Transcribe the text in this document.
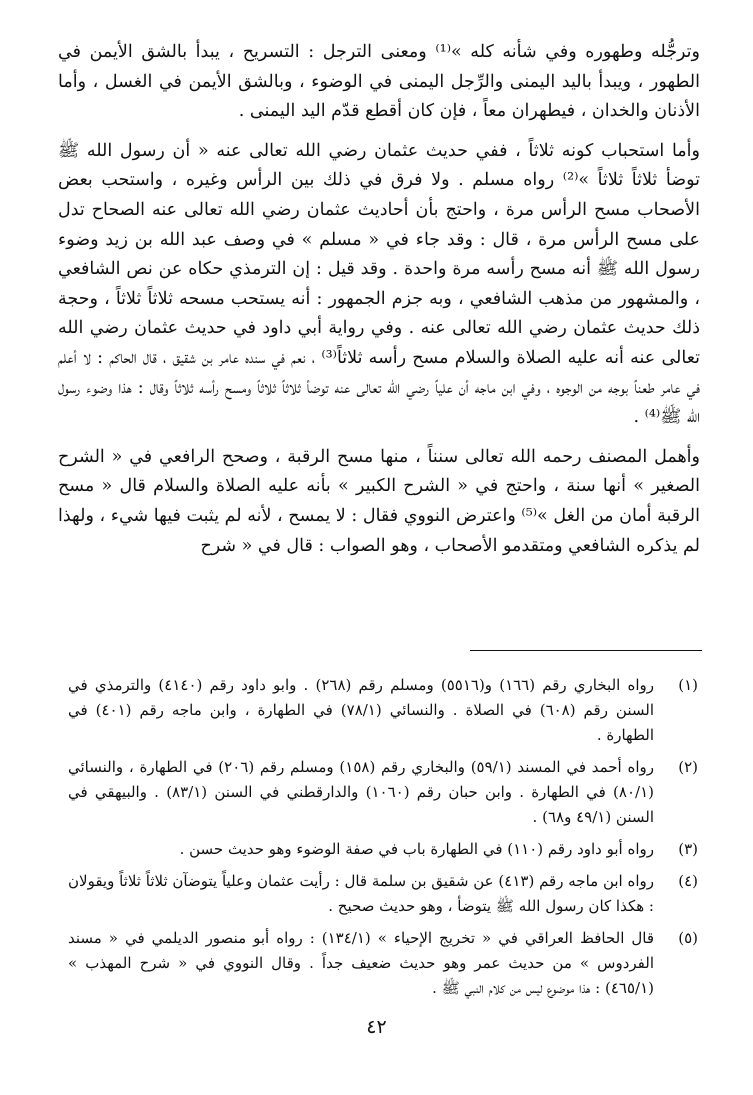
وترجُّله وطهوره وفي شأنه كله »⁽¹⁾ ومعنى الترجل : التسريح ، يبدأ بالشق الأيمن في الطهور ، ويبدأ باليد اليمنى والرِّجل اليمنى في الوضوء ، وبالشق الأيمن في الغسل ، وأما الأذنان والخدان ، فيطهران معاً ، فإن كان أقطع قدّم اليد اليمنى .

وأما استحباب كونه ثلاثاً ، ففي حديث عثمان رضي الله تعالى عنه « أن رسول الله ﷺ توضأ ثلاثاً ثلاثاً »⁽²⁾ رواه مسلم . ولا فرق في ذلك بين الرأس وغيره ، واستحب بعض الأصحاب مسح الرأس مرة ، واحتج بأن أحاديث عثمان رضي الله تعالى عنه الصحاح تدل على مسح الرأس مرة ، قال : وقد جاء في « مسلم » في وصف عبد الله بن زيد وضوء رسول الله ﷺ أنه مسح رأسه مرة واحدة . وقد قيل : إن الترمذي حكاه عن نص الشافعي ، والمشهور من مذهب الشافعي ، وبه جزم الجمهور : أنه يستحب مسحه ثلاثاً ثلاثاً ، وحجة ذلك حديث عثمان رضي الله تعالى عنه . وفي رواية أبي داود في حديث عثمان رضي الله تعالى عنه أنه عليه الصلاة والسلام مسح رأسه ثلاثاً⁽³⁾ ، نعم في سنده عامر بن شقيق ، قال الحاكم : لا أعلم في عامر طعناً بوجه من الوجوه ، وفي ابن ماجه أن علياً رضي الله تعالى عنه توضأ ثلاثاً ثلاثاً ومسح رأسه ثلاثاً وقال : هذا وضوء رسول الله ﷺ⁽⁴⁾ .

وأهمل المصنف رحمه الله تعالى سنناً ، منها مسح الرقبة ، وصحح الرافعي في « الشرح الصغير » أنها سنة ، واحتج في « الشرح الكبير » بأنه عليه الصلاة والسلام قال « مسح الرقبة أمان من الغل »⁽⁵⁾ واعترض النووي فقال : لا يمسح ، لأنه لم يثبت فيها شيء ، ولهذا لم يذكره الشافعي ومتقدمو الأصحاب ، وهو الصواب : قال في « شرح

(١)
رواه البخاري رقم (١٦٦) و(٥٥١٦) ومسلم رقم (٢٦٨) . وابو داود رقم (٤١٤٠) والترمذي في السنن رقم (٦٠٨) في الصلاة . والنسائي (٧٨/١) في الطهارة ، وابن ماجه رقم (٤٠١) في الطهارة .
(٢)
رواه أحمد في المسند (٥٩/١) والبخاري رقم (١٥٨) ومسلم رقم (٢٠٦) في الطهارة ، والنسائي (٨٠/١) في الطهارة . وابن حبان رقم (١٠٦٠) والدارقطني في السنن (٨٣/١) . والبيهقي في السنن (٤٩/١ و٦٨) .
(٣)
رواه أبو داود رقم (١١٠) في الطهارة باب في صفة الوضوء وهو حديث حسن .
(٤)
رواه ابن ماجه رقم (٤١٣) عن شقيق بن سلمة قال : رأيت عثمان وعلياً يتوضآن ثلاثاً ثلاثاً ويقولان : هكذا كان رسول الله ﷺ يتوضأ ، وهو حديث صحيح .
(٥)
قال الحافظ العراقي في « تخريج الإحياء » (١٣٤/١) : رواه أبو منصور الديلمي في « مسند الفردوس » من حديث عمر وهو حديث ضعيف جداً . وقال النووي في « شرح المهذب » (٤٦٥/١) : هذا موضوع ليس من كلام النبي ﷺ .
٤٢
